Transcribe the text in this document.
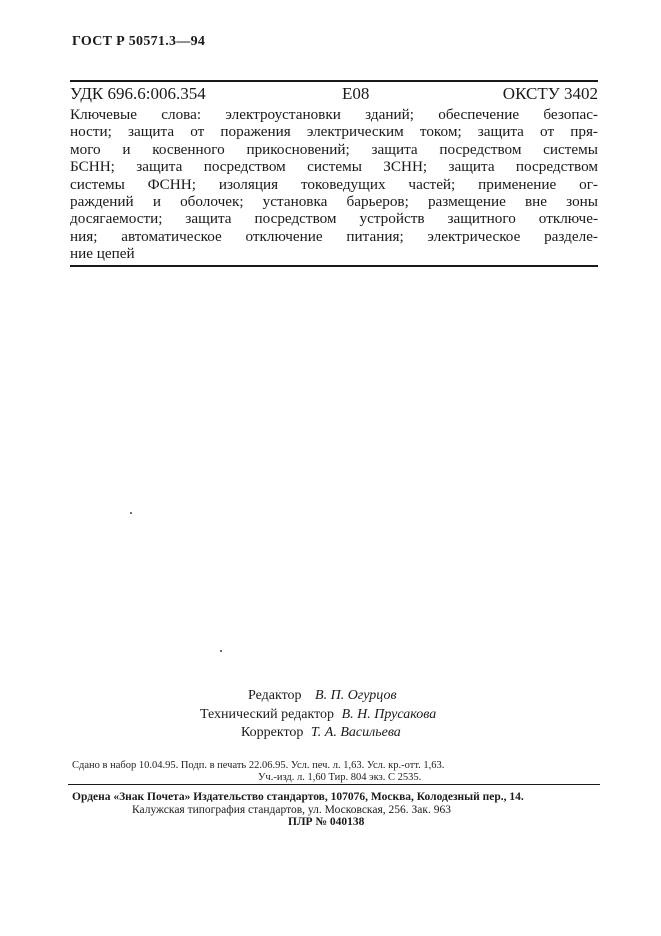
ГОСТ Р 50571.3—94
УДК 696.6:006.354	Е08	ОКСТУ 3402
Ключевые слова: электроустановки зданий; обеспечение безопас-
ности; защита от поражения электрическим током; защита от пря-
мого и косвенного прикосновений; защита посредством системы
БСНН; защита посредством системы ЗСНН; защита посредством
системы ФСНН; изоляция токоведущих частей; применение ог-
раждений и оболочек; установка барьеров; размещение вне зоны
досягаемости; защита посредством устройств защитного отключе-
ния; автоматическое отключение питания; электрическое разделе-
ние цепей
Редактор В. П. Огурцов
Технический редактор В. Н. Прусакова
Корректор Т. А. Васильева
Сдано в набор 10.04.95. Подп. в печать 22.06.95. Усл. печ. л. 1,63. Усл. кр.-отт. 1,63.
Уч.-изд. л. 1,60 Тир. 804 экз. С 2535.
Ордена «Знак Почета» Издательство стандартов, 107076, Москва, Колодезный пер., 14.
Калужская типография стандартов, ул. Московская, 256. Зак. 963
ПЛР № 040138
